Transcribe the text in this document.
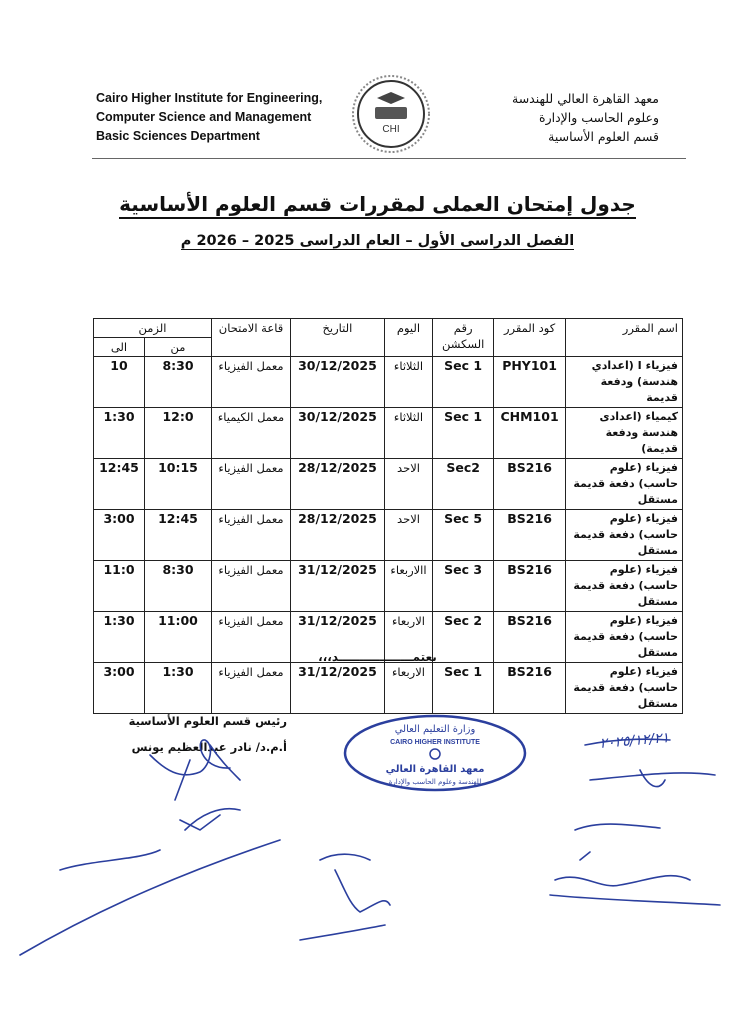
Cairo Higher Institute for Engineering,
Computer Science and Management
Basic Sciences Department	CHI
معهد القاهرة العالي للهندسة
وعلوم الحاسب والإدارة
قسم العلوم الأساسية
جدول إمتحان العملى لمقررات قسم العلوم الأساسية
الفصل الدراسى الأول – العام الدراسى 2025 – 2026 م
اسم المقرر	كود المقرر	رقم السكشن	اليوم	التاريخ	قاعة الامتحان	الزمن	
						من	الى
فيزياء I (اعدادي هندسة) ودفعة قديمة	PHY101	Sec 1	الثلاثاء	30/12/2025	معمل الفيزياء	8:30	10
كيمياء (اعدادى هندسة ودفعة قديمة)	CHM101	Sec 1	الثلاثاء	30/12/2025	معمل الكيمياء	12:0	1:30
فيزياء (علوم حاسب) دفعة قديمة مستقل	BS216	Sec2	الاحد	28/12/2025	معمل الفيزياء	10:15	12:45
فيزياء (علوم حاسب) دفعة قديمة مستقل	BS216	Sec 5	الاحد	28/12/2025	معمل الفيزياء	12:45	3:00
فيزياء (علوم حاسب) دفعة قديمة مستقل	BS216	Sec 3	االاربعاء	31/12/2025	معمل الفيزياء	8:30	11:0
فيزياء (علوم حاسب) دفعة قديمة مستقل	BS216	Sec 2	الاربعاء	31/12/2025	معمل الفيزياء	11:00	1:30
فيزياء (علوم حاسب) دفعة قديمة مستقل	BS216	Sec 1	الاربعاء	31/12/2025	معمل الفيزياء	1:30	3:00
يعتمــــــــــــــــــد،،،
رئيس قسم العلوم الأساسية
أ.م.د/ نادر عبدالعظيم يونس
وزارة التعليم العالي
CAIRO HIGHER INSTITUTE
معهد القاهرة العالي
للهندسة وعلوم الحاسب والإدارة
٢٠٢٥/١٢/٢١
